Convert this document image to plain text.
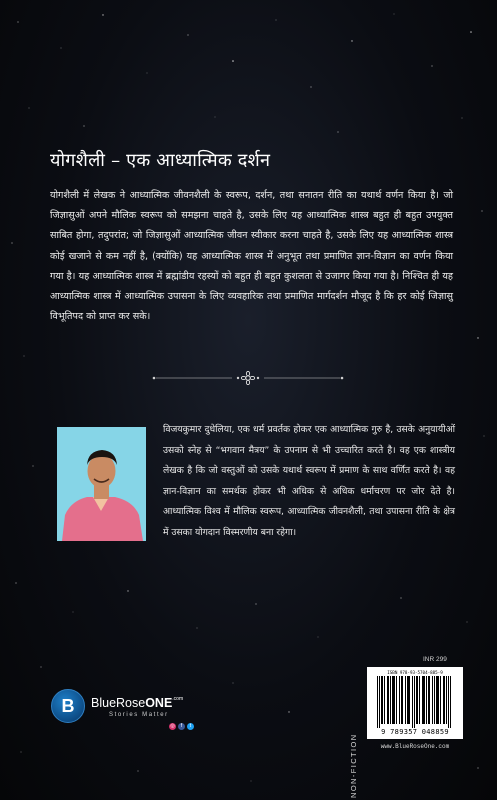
योगशैली – एक आध्यात्मिक दर्शन
योगशैली में लेखक ने आध्यात्मिक जीवनशैली के स्वरूप, दर्शन, तथा सनातन रीति का यथार्थ वर्णन किया है। जो जिज्ञासुओं अपने मौलिक स्वरूप को समझना चाहते है, उसके लिए यह आध्यात्मिक शास्त्र बहुत ही बहुत उपयुक्त साबित होगा, तदुपरांत; जो जिज्ञासुओं आध्यात्मिक जीवन स्वीकार करना चाहते है, उसके लिए यह आध्यात्मिक शास्त्र कोई खजाने से कम नहीं है, (क्योंकि) यह आध्यात्मिक शास्त्र में अनुभूत तथा प्रमाणित ज्ञान-विज्ञान का वर्णन किया गया है। यह आध्यात्मिक शास्त्र में ब्रह्मांडीय रहस्यों को बहुत ही बहुत कुशलता से उजागर किया गया है। निश्चित ही यह आध्यात्मिक शास्त्र में आध्यात्मिक उपासना के लिए व्यवहारिक तथा प्रमाणित मार्गदर्शन मौजूद है कि हर कोई जिज्ञासु विभूतिपद को प्राप्त कर सके।
विजयकुमार दुधेलिया, एक धर्म प्रवर्तक होकर एक आध्यात्मिक गुरु है, उसके अनुयायीओं उसको स्नेह से “भगवान मैत्रय” के उपनाम से भी उच्चारित करते है। वह एक शास्त्रीय लेखक है कि जो वस्तुओं को उसके यथार्थ स्वरूप में प्रमाण के साथ वर्णित करते है। वह ज्ञान-विज्ञान का समर्थक होकर भी अधिक से अधिक धर्माचरण पर जोर देते है। आध्यात्मिक विश्व में मौलिक स्वरूप, आध्यात्मिक जीवनशैली, तथा उपासना रीति के क्षेत्र में उसका योगदान विस्मरणीय बना रहेगा।
INR 299
ISBN 978-93-5704-885-9
9 789357 048859
NON-FICTION	www.BlueRoseOne.com
B	BlueRoseONE$^{.com}$
Stories Matter
◎	f	t
